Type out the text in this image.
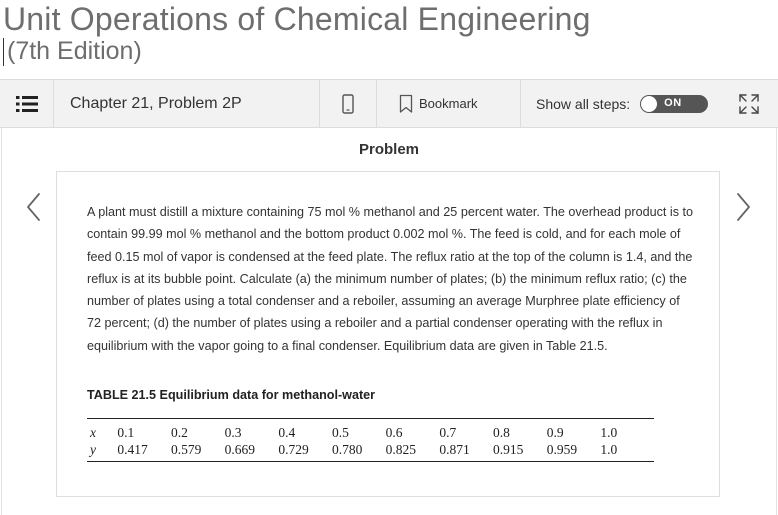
Unit Operations of Chemical Engineering
(7th Edition)
Chapter 21, Problem 2P	Bookmark	Show all steps:	ON
Problem
A plant must distill a mixture containing 75 mol % methanol and 25 percent water. The overhead product is to contain 99.99 mol % methanol and the bottom product 0.002 mol %. The feed is cold, and for each mole of feed 0.15 mol of vapor is condensed at the feed plate. The reflux ratio at the top of the column is 1.4, and the reflux is at its bubble point. Calculate (a) the minimum number of plates; (b) the minimum reflux ratio; (c) the number of plates using a total condenser and a reboiler, assuming an average Murphree plate efficiency of 72 percent; (d) the number of plates using a reboiler and a partial condenser operating with the reflux in equilibrium with the vapor going to a final condenser. Equilibrium data are given in Table 21.5.
TABLE 21.5 Equilibrium data for methanol-water
x	0.1	0.2	0.3	0.4	0.5	0.6	0.7	0.8	0.9	1.0
y	0.417	0.579	0.669	0.729	0.780	0.825	0.871	0.915	0.959	1.0
